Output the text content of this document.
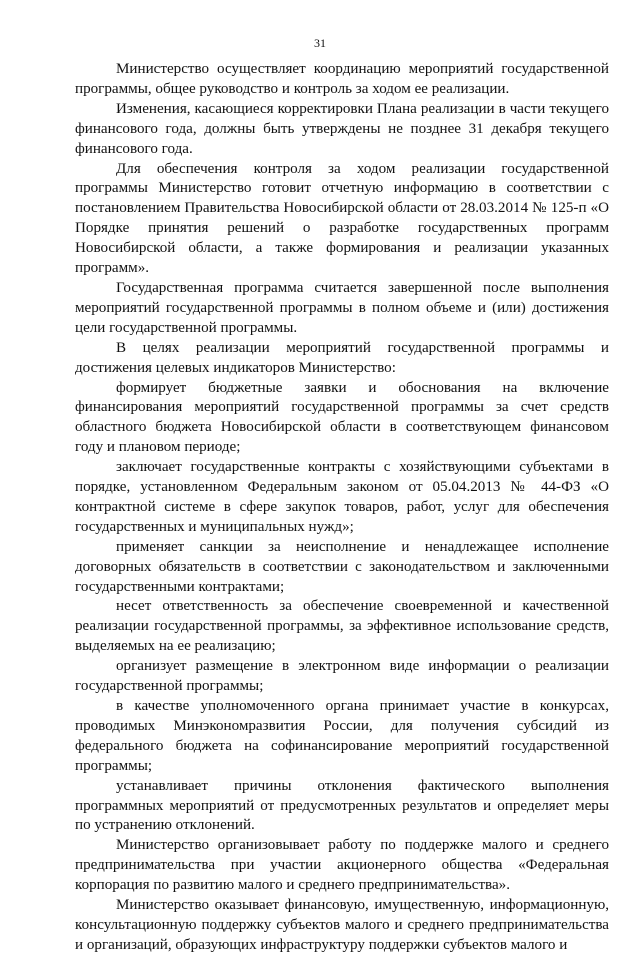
31

Министерство осуществляет координацию мероприятий государственной программы, общее руководство и контроль за ходом ее реализации.

Изменения, касающиеся корректировки Плана реализации в части текущего финансового года, должны быть утверждены не позднее 31 декабря текущего финансового года.

Для обеспечения контроля за ходом реализации государственной программы Министерство готовит отчетную информацию в соответствии с постановлением Правительства Новосибирской области от 28.03.2014 № 125-п «О Порядке принятия решений о разработке государственных программ Новосибирской области, а также формирования и реализации указанных программ».

Государственная программа считается завершенной после выполнения мероприятий государственной программы в полном объеме и (или) достижения цели государственной программы.

В целях реализации мероприятий государственной программы и достижения целевых индикаторов Министерство:

формирует бюджетные заявки и обоснования на включение финансирования мероприятий государственной программы за счет средств областного бюджета Новосибирской области в соответствующем финансовом году и плановом периоде;

заключает государственные контракты с хозяйствующими субъектами в порядке, установленном Федеральным законом от 05.04.2013 № 44-ФЗ «О контрактной системе в сфере закупок товаров, работ, услуг для обеспечения государственных и муниципальных нужд»;

применяет санкции за неисполнение и ненадлежащее исполнение договорных обязательств в соответствии с законодательством и заключенными государственными контрактами;

несет ответственность за обеспечение своевременной и качественной реализации государственной программы, за эффективное использование средств, выделяемых на ее реализацию;

организует размещение в электронном виде информации о реализации государственной программы;

в качестве уполномоченного органа принимает участие в конкурсах, проводимых Минэкономразвития России, для получения субсидий из федерального бюджета на софинансирование мероприятий государственной программы;

устанавливает причины отклонения фактического выполнения программных мероприятий от предусмотренных результатов и определяет меры по устранению отклонений.

Министерство организовывает работу по поддержке малого и среднего предпринимательства при участии акционерного общества «Федеральная корпорация по развитию малого и среднего предпринимательства».

Министерство оказывает финансовую, имущественную, информационную, консультационную поддержку субъектов малого и среднего предпринимательства и организаций, образующих инфраструктуру поддержки субъектов малого и
